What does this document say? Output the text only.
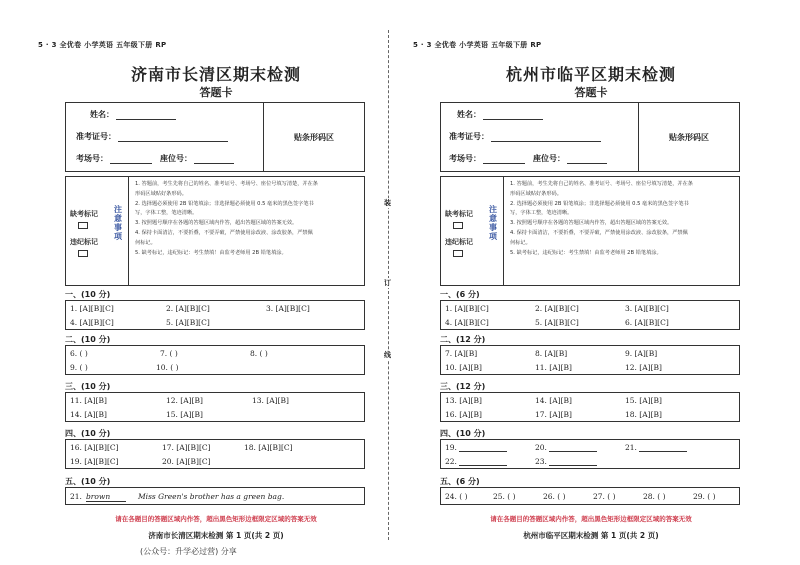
5 · 3 全优卷 小学英语 五年级下册 RP
济南市长清区期末检测
答题卡
姓名：
准考证号：
考场号：	座位号：
贴条形码区
缺考标记
违纪标记
注意事项
1. 答题前，考生先将自己的姓名、准考证号、考场号、座位号填写清楚，并在条
形码区域贴好条形码。
2. 选择题必须使用 2B 铅笔填涂；非选择题必须使用 0.5 毫米的黑色签字笔书
写，字体工整，笔迹清晰。
3. 按照题号顺序在各题的答题区域内作答，超出答题区域的答案无效。
4. 保持卡面清洁，不要折叠，不要弄破，严禁使用涂改液、涂改胶条，严禁佩
何标记。
5. 缺考标记，违纪标记：考生禁填！由监考老师用 2B 铅笔填涂。
一、(10 分)
1. [A][B][C]	2. [A][B][C]	3. [A][B][C]
4. [A][B][C]	5. [A][B][C]
二、(10 分)
6. ( )	7. ( )	8. ( )
9. ( )	10. ( )
三、(10 分)
11. [A][B]	12. [A][B]	13. [A][B]
14. [A][B]	15. [A][B]
四、(10 分)
16. [A][B][C]	17. [A][B][C]	18. [A][B][C]
19. [A][B][C]	20. [A][B][C]
五、(10 分)
21. brown	Miss Green's brother has a green bag.
请在各题目的答题区域内作答，超出黑色矩形边框限定区域的答案无效
济南市长清区期末检测 第 1 页(共 2 页)
装
订
线
5 · 3 全优卷 小学英语 五年级下册 RP
杭州市临平区期末检测
答题卡
姓名：
准考证号：
考场号：	座位号：
贴条形码区
缺考标记
违纪标记
注意事项
1. 答题前，考生先将自己的姓名、准考证号、考场号、座位号填写清楚，并在条
形码区域贴好条形码。
2. 选择题必须使用 2B 铅笔填涂；非选择题必须使用 0.5 毫米的黑色签字笔书
写，字体工整，笔迹清晰。
3. 按照题号顺序在各题的答题区域内作答，超出答题区域的答案无效。
4. 保持卡面清洁，不要折叠，不要弄破，严禁使用涂改液、涂改胶条，严禁佩
何标记。
5. 缺考标记，违纪标记：考生禁填！由监考老师用 2B 铅笔填涂。
一、(6 分)
1. [A][B][C]	2. [A][B][C]	3. [A][B][C]
4. [A][B][C]	5. [A][B][C]	6. [A][B][C]
二、(12 分)
7. [A][B]	8. [A][B]	9. [A][B]
10. [A][B]	11. [A][B]	12. [A][B]
三、(12 分)
13. [A][B]	14. [A][B]	15. [A][B]
16. [A][B]	17. [A][B]	18. [A][B]
四、(10 分)
19.	20.	21.
22.	23.
五、(6 分)
24. ( )	25. ( )	26. ( )	27. ( )	28. ( )	29. ( )
请在各题目的答题区域内作答，超出黑色矩形边框限定区域的答案无效
杭州市临平区期末检测 第 1 页(共 2 页)
(公众号：升学必过营) 分享
